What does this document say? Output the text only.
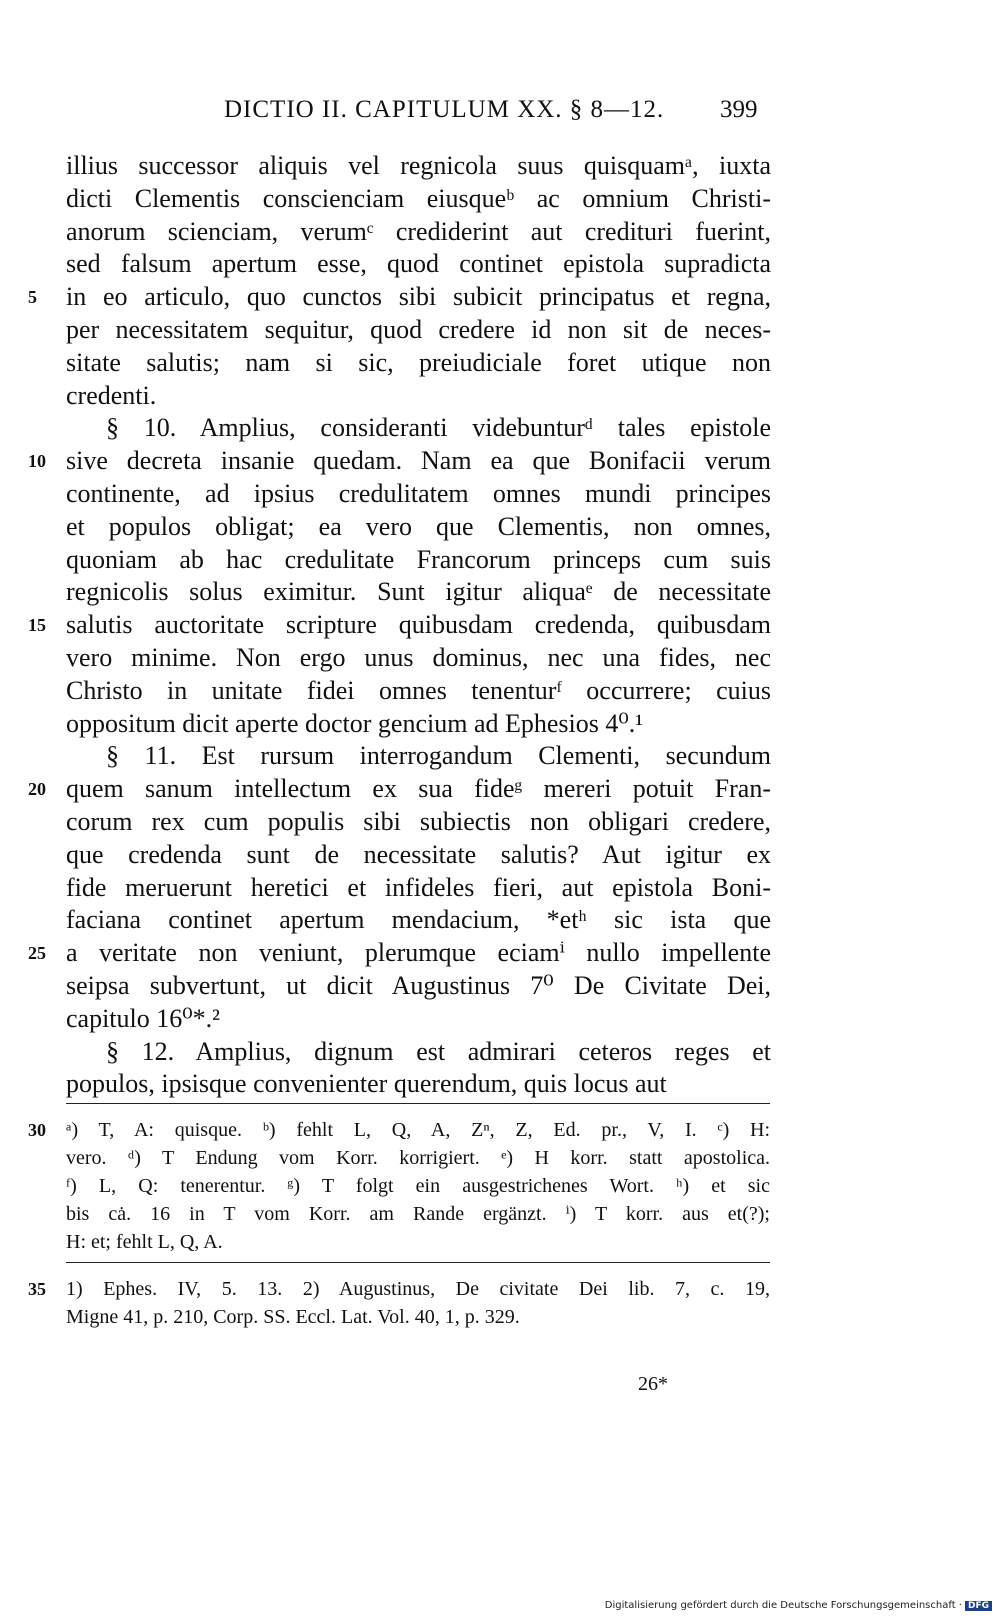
DICTIO II. CAPITULUM XX. § 8—12. 399
illius successor aliquis vel regnicola suus quisquamᵃ, iuxta
dicti Clementis conscienciam eiusqueᵇ ac omnium Christi-
anorum scienciam, verumᶜ crediderint aut credituri fuerint,
sed falsum apertum esse, quod continet epistola supradicta
5	in eo articulo, quo cunctos sibi subicit principatus et regna,
per necessitatem sequitur, quod credere id non sit de neces-
sitate salutis; nam si sic, preiudiciale foret utique non
credenti.
§ 10. Amplius, consideranti videbunturᵈ tales epistole
10 sive decreta insanie quedam. Nam ea que Bonifacii verum
continente, ad ipsius credulitatem omnes mundi principes
et populos obligat; ea vero que Clementis, non omnes,
quoniam ab hac credulitate Francorum princeps cum suis
regnicolis solus eximitur. Sunt igitur aliquaᵉ de necessitate
15 salutis auctoritate scripture quibusdam credenda, quibusdam
vero minime. Non ergo unus dominus, nec una fides, nec
Christo in unitate fidei omnes tenenturᶠ occurrere; cuius
oppositum dicit aperte doctor gencium ad Ephesios 4⁰.¹
§ 11. Est rursum interrogandum Clementi, secundum
20 quem sanum intellectum ex sua fideᵍ mereri potuit Fran-
corum rex cum populis sibi subiectis non obligari credere,
que credenda sunt de necessitate salutis? Aut igitur ex
fide meruerunt heretici et infideles fieri, aut epistola Boni-
faciana continet apertum mendacium, *etʰ sic ista que
25 a veritate non veniunt, plerumque eciamⁱ nullo impellente
seipsa subvertunt, ut dicit Augustinus 7⁰ De Civitate Dei,
capitulo 16⁰*.²
§ 12. Amplius, dignum est admirari ceteros reges et
populos, ipsisque convenienter querendum, quis locus aut
30	ᵃ) T, A: quisque. ᵇ) fehlt L, Q, A, Zⁿ, Z, Ed. pr., V, I. ᶜ) H:
vero. ᵈ) T Endung vom Korr. korrigiert. ᵉ) H korr. statt apostolica.
ᶠ) L, Q: tenerentur. ᵍ) T folgt ein ausgestrichenes Wort. ʰ) et sic
bis cȧ. 16 in T vom Korr. am Rande ergänzt. ⁱ) T korr. aus et(?);
H: et; fehlt L, Q, A.
35	1) Ephes. IV, 5. 13. 2) Augustinus, De civitate Dei lib. 7, c. 19,
Migne 41, p. 210, Corp. SS. Eccl. Lat. Vol. 40, 1, p. 329.
26*
Digitalisierung gefördert durch die Deutsche Forschungsgemeinschaft · DFG
